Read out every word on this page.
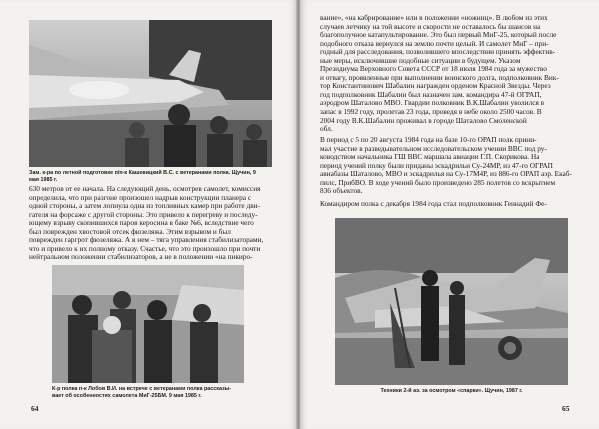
Зам. к-ра по летной подготовке п/п-к Кашевицкий В.С. с ветеранами полка. Щучин, 9
мая 1985 г.
630 метров от ее начала. На следующий день, осмотрев самолет, комиссия
определила, что при разгоне произошел надрыв конструкции планера с
одной стороны, а затем лопнула одна из топливных камер при работе дви-
гателя на форсаже с другой стороны. Это привело к перегреву и последу-
ющему взрыву скопившихся паров керосина в баке №6, вследствие чего
был поврежден хвостовой отсек фюзеляжа. Этим взрывом и был
поврежден гаргрот фюзеляжа. А в нем – тяга управления стабилизаторами,
что и привело к их полному отказу. Счастье, что это произошло при почти
нейтральном положении стабилизаторов, а не в положении «на пикиро-
К-р полка п-к Лобов В.И. на встрече с ветеранами полка рассказы-
вает об особенностях самолета МиГ-25БМ. 9 мая 1985 г.
64
вание», «на кабрирование» или в положении «ножниц». В любом из этих
случаев летчику на той высоте и скорости не оставалось бы шансов на
благополучное катапультирование. Это был первый МиГ-25, который после
подобного отказа вернулся на землю почти целый. И самолет МиГ – при-
годный для расследования, позволившего впоследствии принять эффектив-
ные меры, исключившие подобные ситуации в будущем. Указом
Президиума Верховного Совета СССР от 18 июля 1984 года за мужество
и отвагу, проявленные при выполнении воинского долга, подполковник Вик-
тор Константинович Шабалин награжден орденом Красной Звезды. Через
год подполковник Шабалин был назначен зам. командира 47-й ОГРАП,
аэродром Шаталово МВО. Гвардии полковник В.К.Шабалин уволился в
запас в 1992 году, пролетав 23 года, проведя в небе около 2500 часов. В
2004 году В.К.Шабалин проживал в городе Шаталово Смоленской
обл.
В период с 5 по 20 августа 1984 года на базе 10-го ОРАП полк прини-
мал участие в разведывательном исследовательском учении ВВС под ру-
ководством начальника ГШ ВВС маршала авиации Г.П. Скорикова. На
период учений полку были приданы эскадрильи Су-24МР, из 47-го ОГРАП
авиабазы Шаталово, МВО и эскадрилья на Су-17М4Р, из 886-го ОРАП аэр. Екаб-
пилс, ПрибВО. В ходе учений было произведено 285 полетов со вскрытием
836 объектов.
Командиром полка с декабря 1984 года стал подполковник Геннадий Фе-
Техники 2-й аэ. за осмотром «спарки». Щучин, 1987 г.
65
